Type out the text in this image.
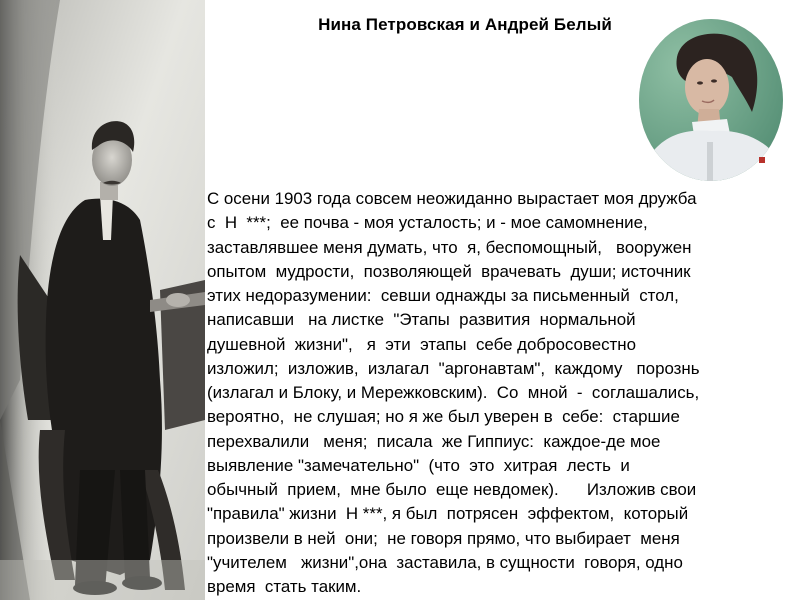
Нина Петровская и Андрей Белый
С осени 1903 года совсем неожиданно вырастает моя дружба
с  Н  ***;  ее почва - моя усталость; и - мое самомнение,
заставлявшее меня думать, что  я, беспомощный,   вооружен
опытом  мудрости,  позволяющей  врачевать  души; источник
этих недоразумении:  севши однажды за письменный  стол,
написавши   на листке  "Этапы  развития  нормальной
душевной  жизни",   я  эти  этапы  себе добросовестно
изложил;  изложив,  излагал  "аргонавтам",  каждому   порознь
(излагал и Блоку, и Мережковским).  Со  мной  -  соглашались,
вероятно,  не слушая; но я же был уверен в  себе:  старшие
перехвалили   меня;  писала  же Гиппиус:  каждое-де мое
выявление "замечательно"  (что  это  хитрая  лесть  и
обычный  прием,  мне было  еще невдомек).      Изложив свои
"правила" жизни  Н ***, я был  потрясен  эффектом,  который
произвели в ней  они;  не говоря прямо, что выбирает  меня
"учителем   жизни",она  заставила, в сущности  говоря, одно
время  стать таким.
